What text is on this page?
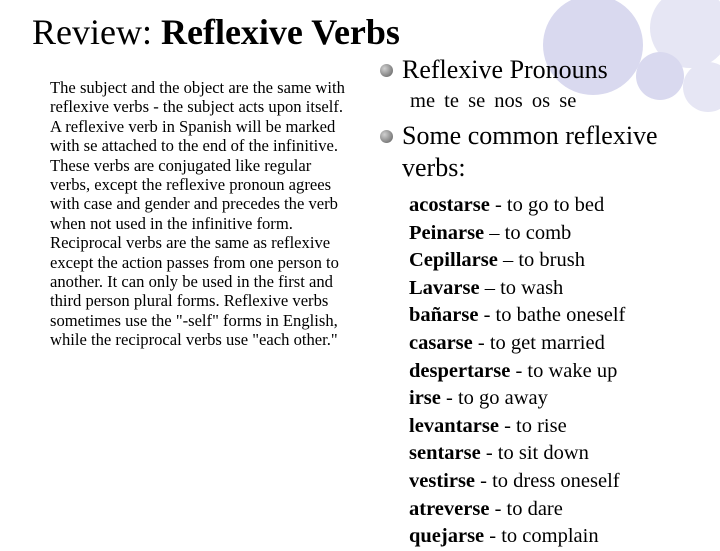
Review: Reflexive Verbs
The subject and the object are the same with reflexive verbs - the subject acts upon itself. A reflexive verb in Spanish will be marked with se attached to the end of the infinitive. These verbs are conjugated like regular verbs, except the reflexive pronoun agrees with case and gender and precedes the verb when not used in the infinitive form. Reciprocal verbs are the same as reflexive except the action passes from one person to another. It can only be used in the first and third person plural forms. Reflexive verbs sometimes use the "-self" forms in English, while the reciprocal verbs use "each other."
Reflexive Pronouns
me te se nos os se
Some common reflexive verbs:
acostarse - to go to bed
Peinarse – to comb
Cepillarse – to brush
Lavarse – to wash
bañarse - to bathe oneself
casarse - to get married
despertarse - to wake up
irse - to go away
levantarse - to rise
sentarse - to sit down
vestirse - to dress oneself
atreverse - to dare
quejarse - to complain
